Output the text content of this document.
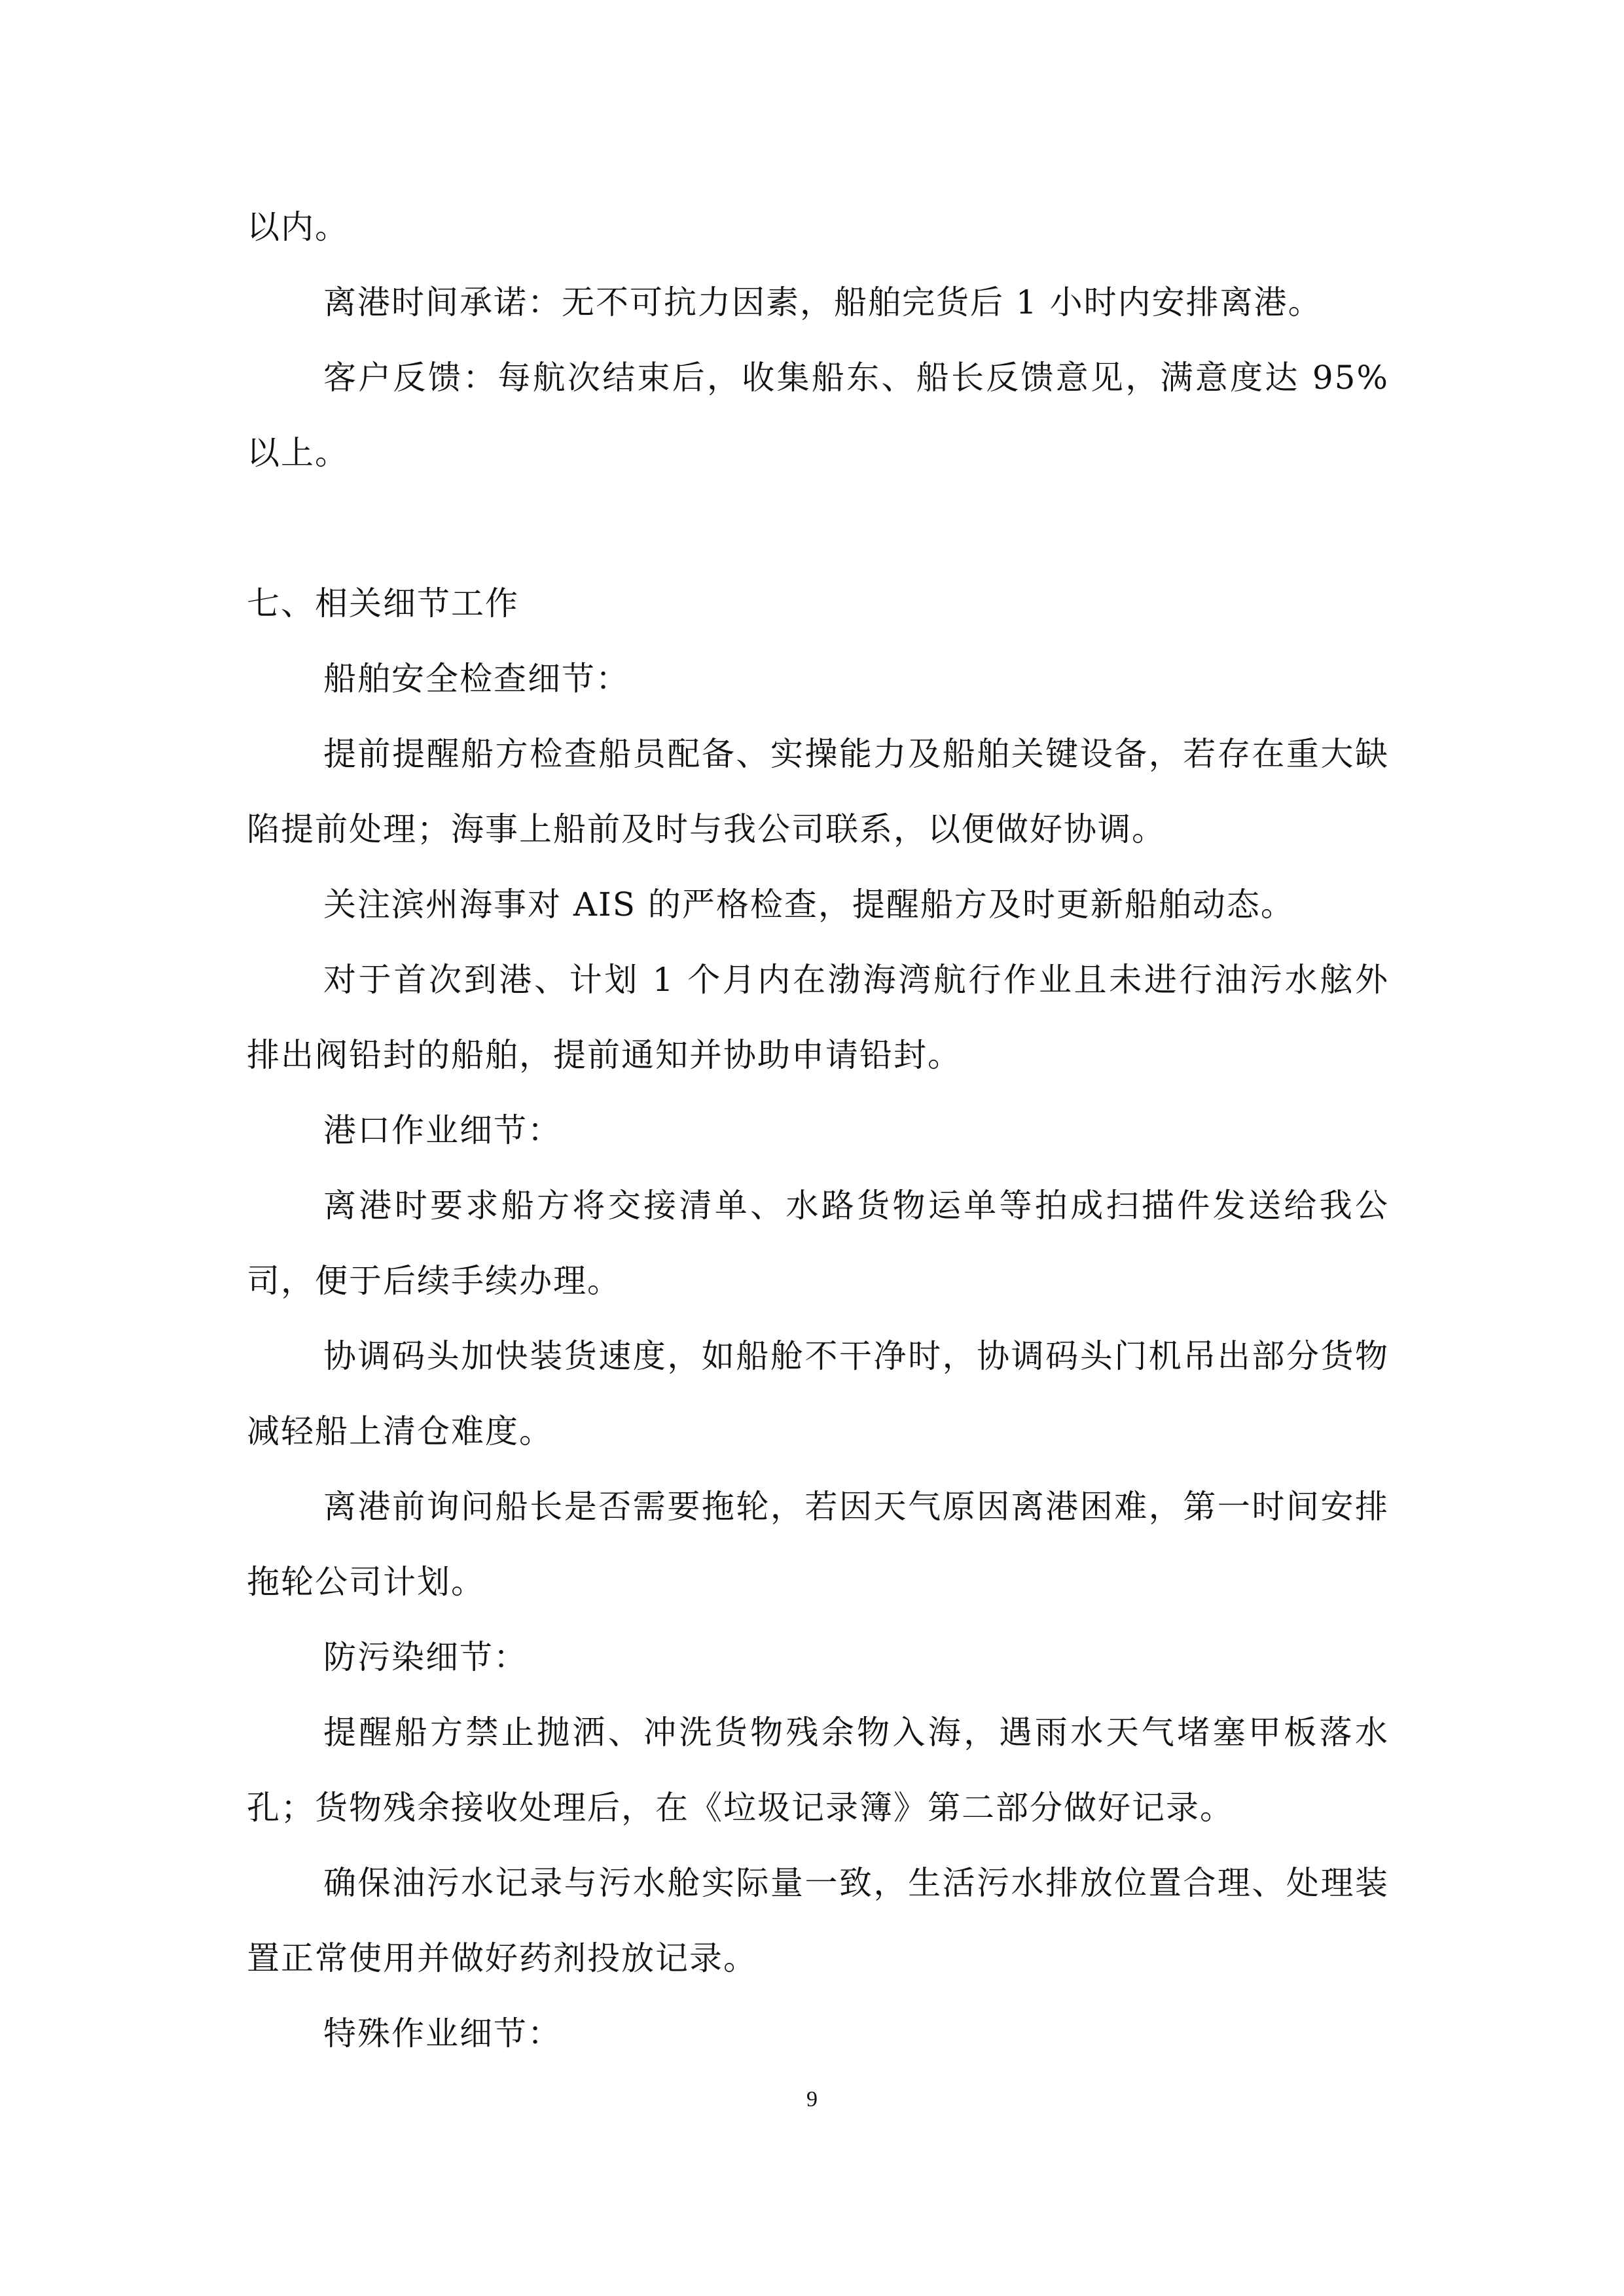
以内。

离港时间承诺：无不可抗力因素，船舶完货后 1 小时内安排离港。

客户反馈：每航次结束后，收集船东、船长反馈意见，满意度达 95% 以上。

七、相关细节工作

船舶安全检查细节：

提前提醒船方检查船员配备、实操能力及船舶关键设备，若存在重大缺陷提前处理；海事上船前及时与我公司联系，以便做好协调。

关注滨州海事对 AIS 的严格检查，提醒船方及时更新船舶动态。

对于首次到港、计划 1 个月内在渤海湾航行作业且未进行油污水舷外排出阀铅封的船舶，提前通知并协助申请铅封。

港口作业细节：

离港时要求船方将交接清单、水路货物运单等拍成扫描件发送给我公司，便于后续手续办理。

协调码头加快装货速度，如船舱不干净时，协调码头门机吊出部分货物减轻船上清仓难度。

离港前询问船长是否需要拖轮，若因天气原因离港困难，第一时间安排拖轮公司计划。

防污染细节：

提醒船方禁止抛洒、冲洗货物残余物入海，遇雨水天气堵塞甲板落水孔；货物残余接收处理后，在《垃圾记录簿》第二部分做好记录。

确保油污水记录与污水舱实际量一致，生活污水排放位置合理、处理装置正常使用并做好药剂投放记录。

特殊作业细节：

9
